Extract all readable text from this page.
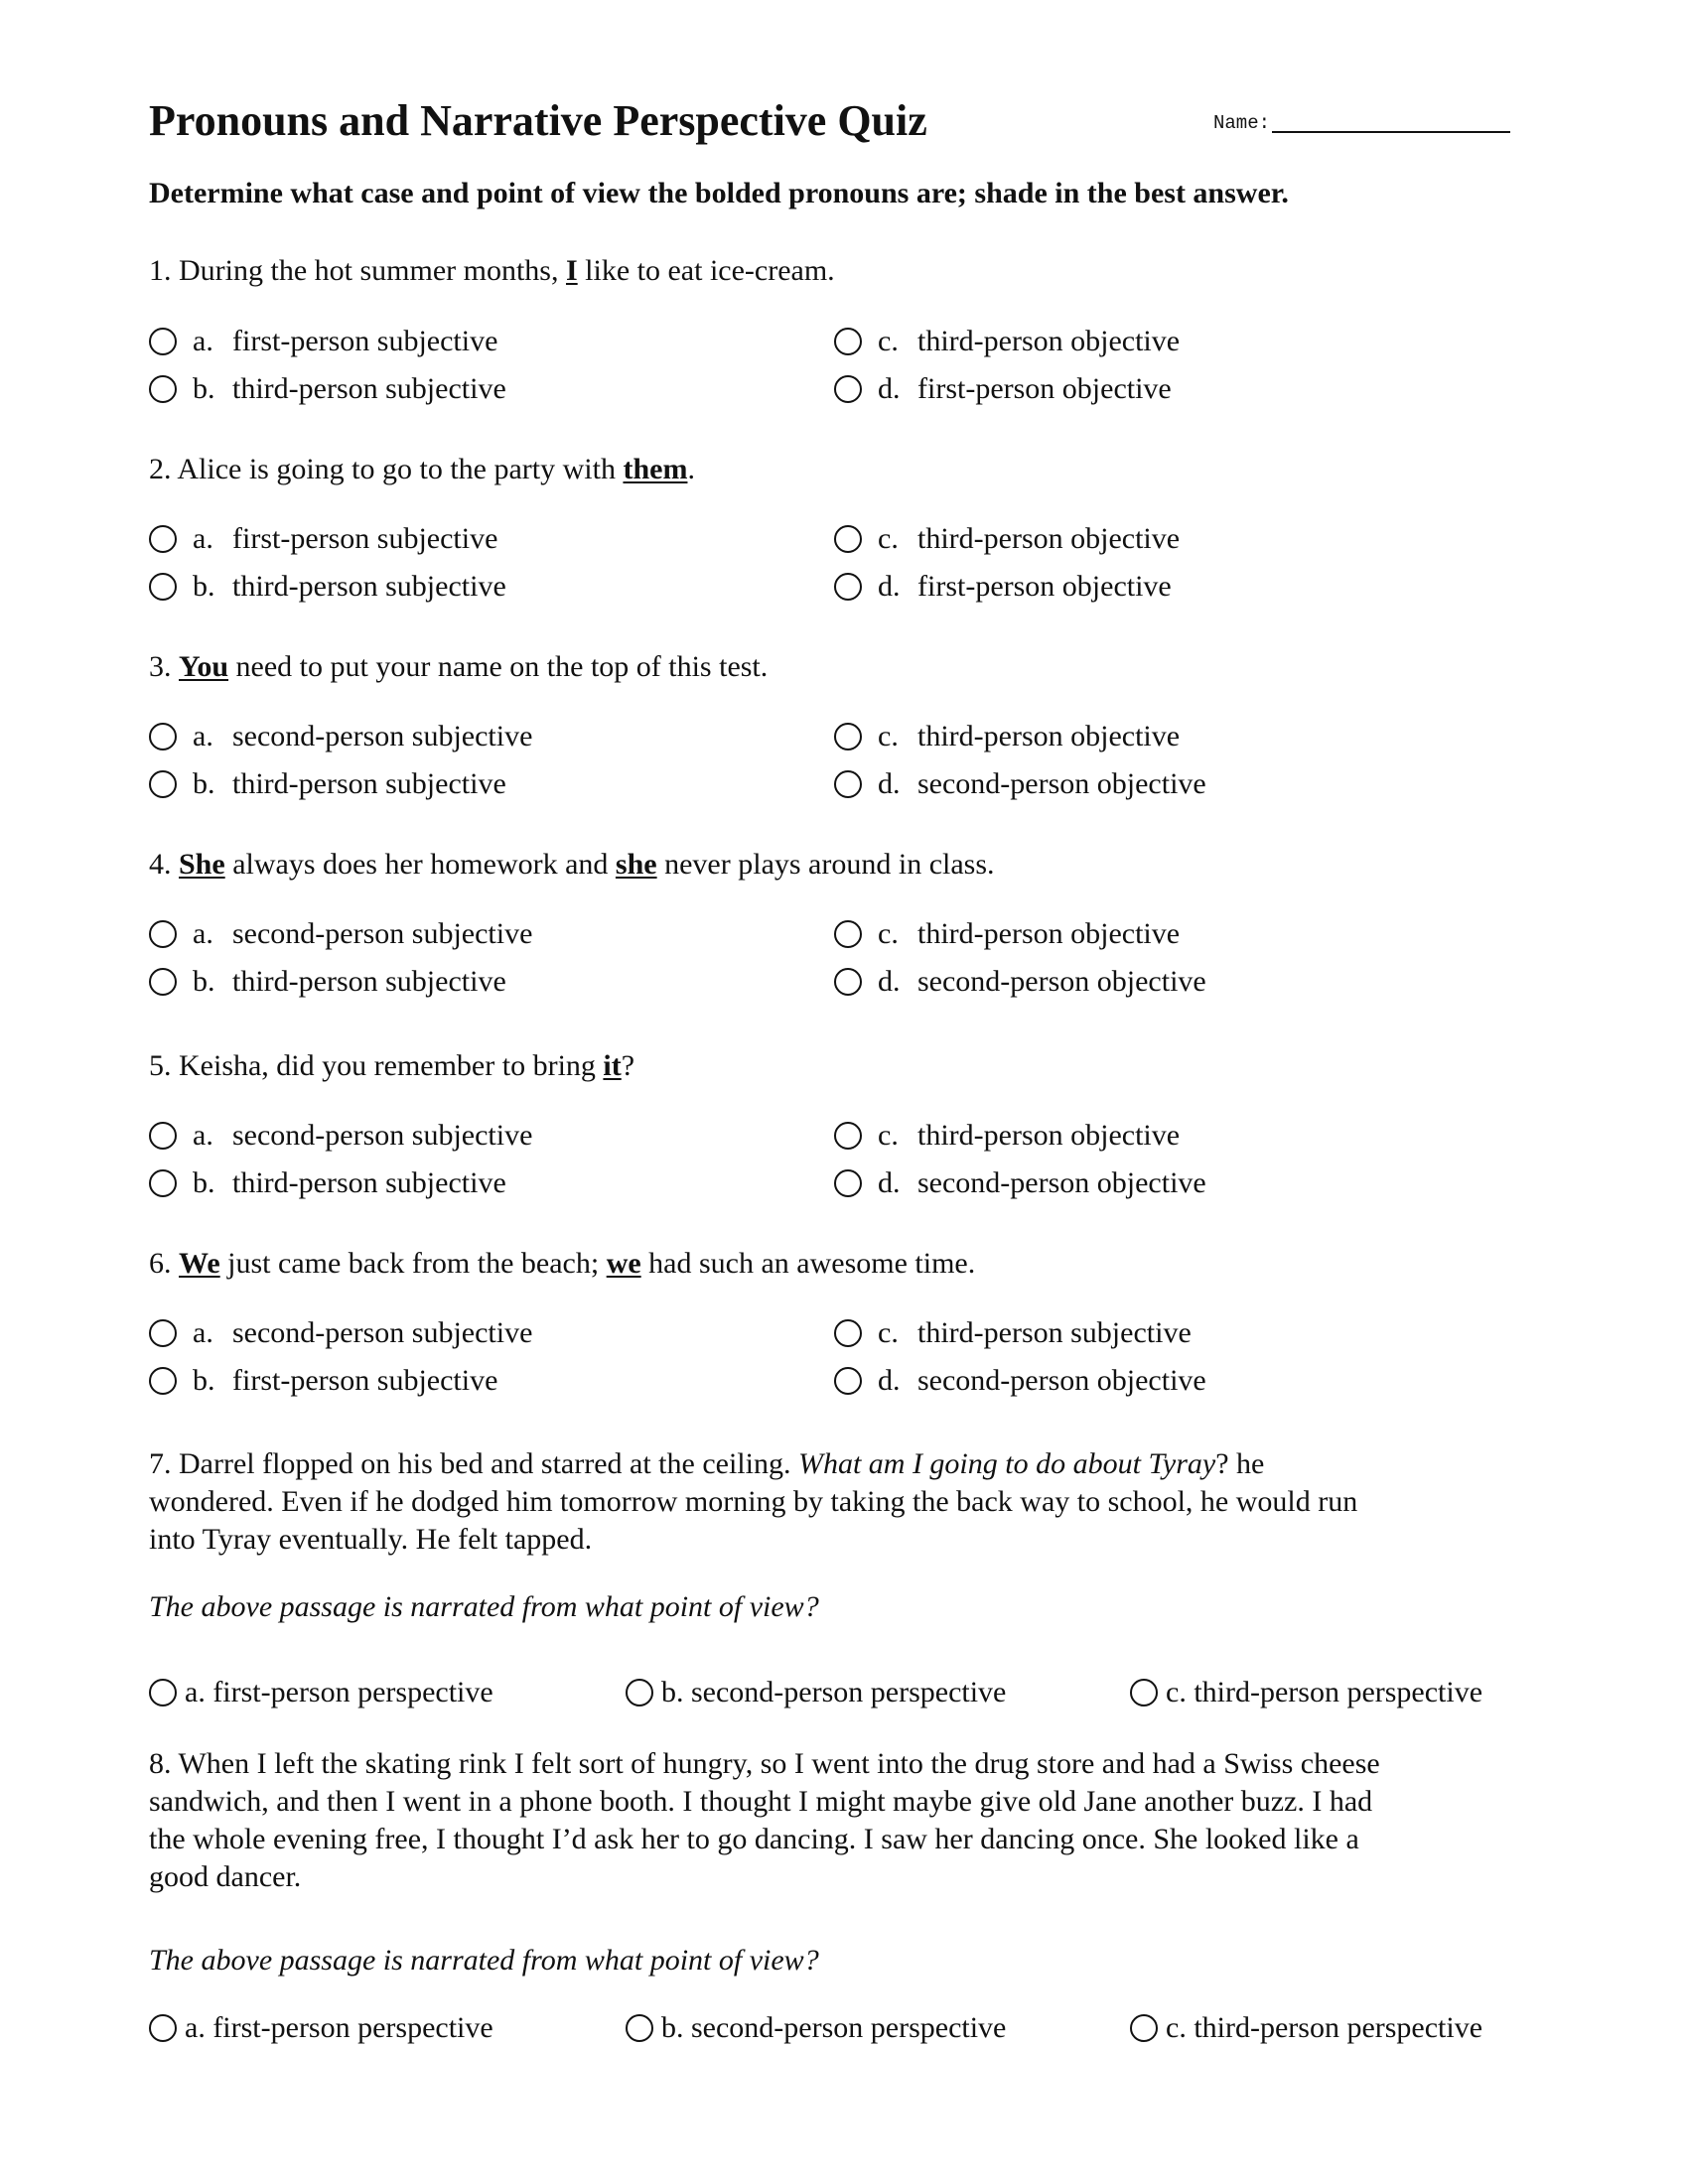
Pronouns and Narrative Perspective Quiz	Name:

Determine what case and point of view the bolded pronouns are; shade in the best answer.

1. During the hot summer months, I like to eat ice-cream.

a. first-person subjective
b. third-person subjective
c. third-person objective
d. first-person objective

2. Alice is going to go to the party with them.

a. first-person subjective
b. third-person subjective
c. third-person objective
d. first-person objective

3. You need to put your name on the top of this test.

a. second-person subjective
b. third-person subjective
c. third-person objective
d. second-person objective

4. She always does her homework and she never plays around in class.

a. second-person subjective
b. third-person subjective
c. third-person objective
d. second-person objective

5. Keisha, did you remember to bring it?

a. second-person subjective
b. third-person subjective
c. third-person objective
d. second-person objective

6. We just came back from the beach; we had such an awesome time.

a. second-person subjective
b. first-person subjective
c. third-person subjective
d. second-person objective

7. Darrel flopped on his bed and starred at the ceiling. What am I going to do about Tyray? he
wondered. Even if he dodged him tomorrow morning by taking the back way to school, he would run
into Tyray eventually. He felt tapped.

The above passage is narrated from what point of view?

a. first-person perspective	b. second-person perspective	c. third-person perspective

8. When I left the skating rink I felt sort of hungry, so I went into the drug store and had a Swiss cheese
sandwich, and then I went in a phone booth. I thought I might maybe give old Jane another buzz. I had
the whole evening free, I thought I’d ask her to go dancing. I saw her dancing once. She looked like a
good dancer.

The above passage is narrated from what point of view?

a. first-person perspective	b. second-person perspective	c. third-person perspective
